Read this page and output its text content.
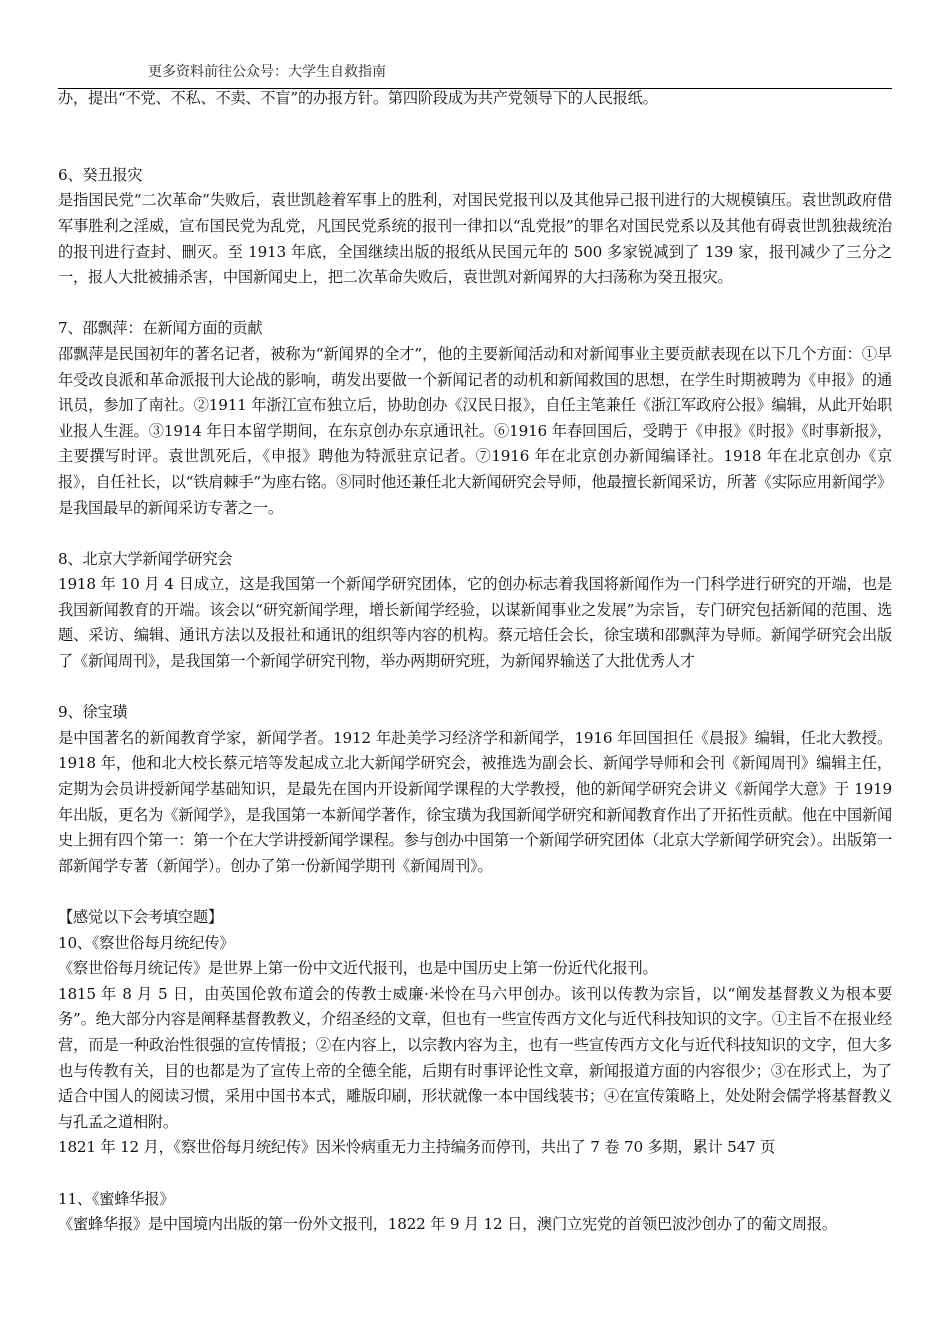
更多资料前往公众号：大学生自救指南

办，提出“不党、不私、不卖、不盲”的办报方针。第四阶段成为共产党领导下的人民报纸。

6、癸丑报灾

是指国民党“二次革命”失败后，袁世凯趁着军事上的胜利，对国民党报刊以及其他异己报刊进行的大规模镇压。袁世凯政府借军事胜利之淫威，宣布国民党为乱党，凡国民党系统的报刊一律扣以“乱党报”的罪名对国民党系以及其他有碍袁世凯独裁统治的报刊进行查封、刪灭。至 1913 年底，全国继续出版的报纸从民国元年的 500 多家锐减到了 139 家，报刊减少了三分之一，报人大批被捕杀害，中国新闻史上，把二次革命失败后，袁世凯对新闻界的大扫荡称为癸丑报灾。

7、邵飘萍：在新闻方面的贡献

邵飘萍是民国初年的著名记者，被称为“新闻界的全才”，他的主要新闻活动和对新闻事业主要贡献表现在以下几个方面：①早年受改良派和革命派报刊大论战的影响，萌发出要做一个新闻记者的动机和新闻救国的思想，在学生时期被聘为《申报》的通讯员，参加了南社。②1911 年浙江宣布独立后，协助创办《汉民日报》，自任主笔兼任《浙江军政府公报》编辑，从此开始职业报人生涯。③1914 年日本留学期间，在东京创办东京通讯社。⑥1916 年春回国后，受聘于《申报》《时报》《时事新报》，主要撰写时评。袁世凯死后，《申报》聘他为特派驻京记者。⑦1916 年在北京创办新闻编译社。1918 年在北京创办《京报》，自任社长，以“铁肩棘手”为座右铭。⑧同时他还兼任北大新闻研究会导师，他最擅长新闻采访，所著《实际应用新闻学》是我国最早的新闻采访专著之一。

8、北京大学新闻学研究会

1918 年 10 月 4 日成立，这是我国第一个新闻学研究团体，它的创办标志着我国将新闻作为一门科学进行研究的开端，也是我国新闻教育的开端。该会以“研究新闻学理，增长新闻学经验，以谋新闻事业之发展”为宗旨，专门研究包括新闻的范围、选题、采访、编辑、通讯方法以及报社和通讯的组织等内容的机构。蔡元培任会长，徐宝璜和邵飘萍为导师。新闻学研究会出版了《新闻周刊》，是我国第一个新闻学研究刊物，举办两期研究班，为新闻界输送了大批优秀人才

9、徐宝璜

是中国著名的新闻教育学家，新闻学者。1912 年赴美学习经济学和新闻学，1916 年回国担任《晨报》编辑，任北大教授。1918 年，他和北大校长蔡元培等发起成立北大新闻学研究会，被推选为副会长、新闻学导师和会刊《新闻周刊》编辑主任，定期为会员讲授新闻学基础知识，是最先在国内开设新闻学课程的大学教授，他的新闻学研究会讲义《新闻学大意》于 1919 年出版，更名为《新闻学》，是我国第一本新闻学著作，徐宝璜为我国新闻学研究和新闻教育作出了开拓性贡献。他在中国新闻史上拥有四个第一：第一个在大学讲授新闻学课程。参与创办中国第一个新闻学研究团体（北京大学新闻学研究会）。出版第一部新闻学专著（新闻学）。创办了第一份新闻学期刊《新闻周刊》。

【感觉以下会考填空题】

10、《察世俗每月统纪传》

《察世俗每月统记传》是世界上第一份中文近代报刊，也是中国历史上第一份近代化报刊。

1815 年 8 月 5 日，由英国伦敦布道会的传教士威廉·米怜在马六甲创办。该刊以传教为宗旨，以“阐发基督教义为根本要务”。绝大部分内容是阐释基督教教义，介绍圣经的文章，但也有一些宣传西方文化与近代科技知识的文字。①主旨不在报业经营，而是一种政治性很强的宣传情报；②在内容上，以宗教内容为主，也有一些宣传西方文化与近代科技知识的文字，但大多也与传教有关，目的也都是为了宣传上帝的全德全能，后期有时事评论性文章，新闻报道方面的内容很少；③在形式上，为了适合中国人的阅读习惯，采用中国书本式，雕版印刷，形状就像一本中国线装书；④在宣传策略上，处处附会儒学将基督教义与孔孟之道相附。

1821 年 12 月，《察世俗每月统纪传》因米怜病重无力主持编务而停刊，共出了 7 卷 70 多期，累计 547 页

11、《蜜蜂华报》

《蜜蜂华报》是中国境内出版的第一份外文报刊，1822 年 9 月 12 日，澳门立宪党的首领巴波沙创办了的葡文周报。
